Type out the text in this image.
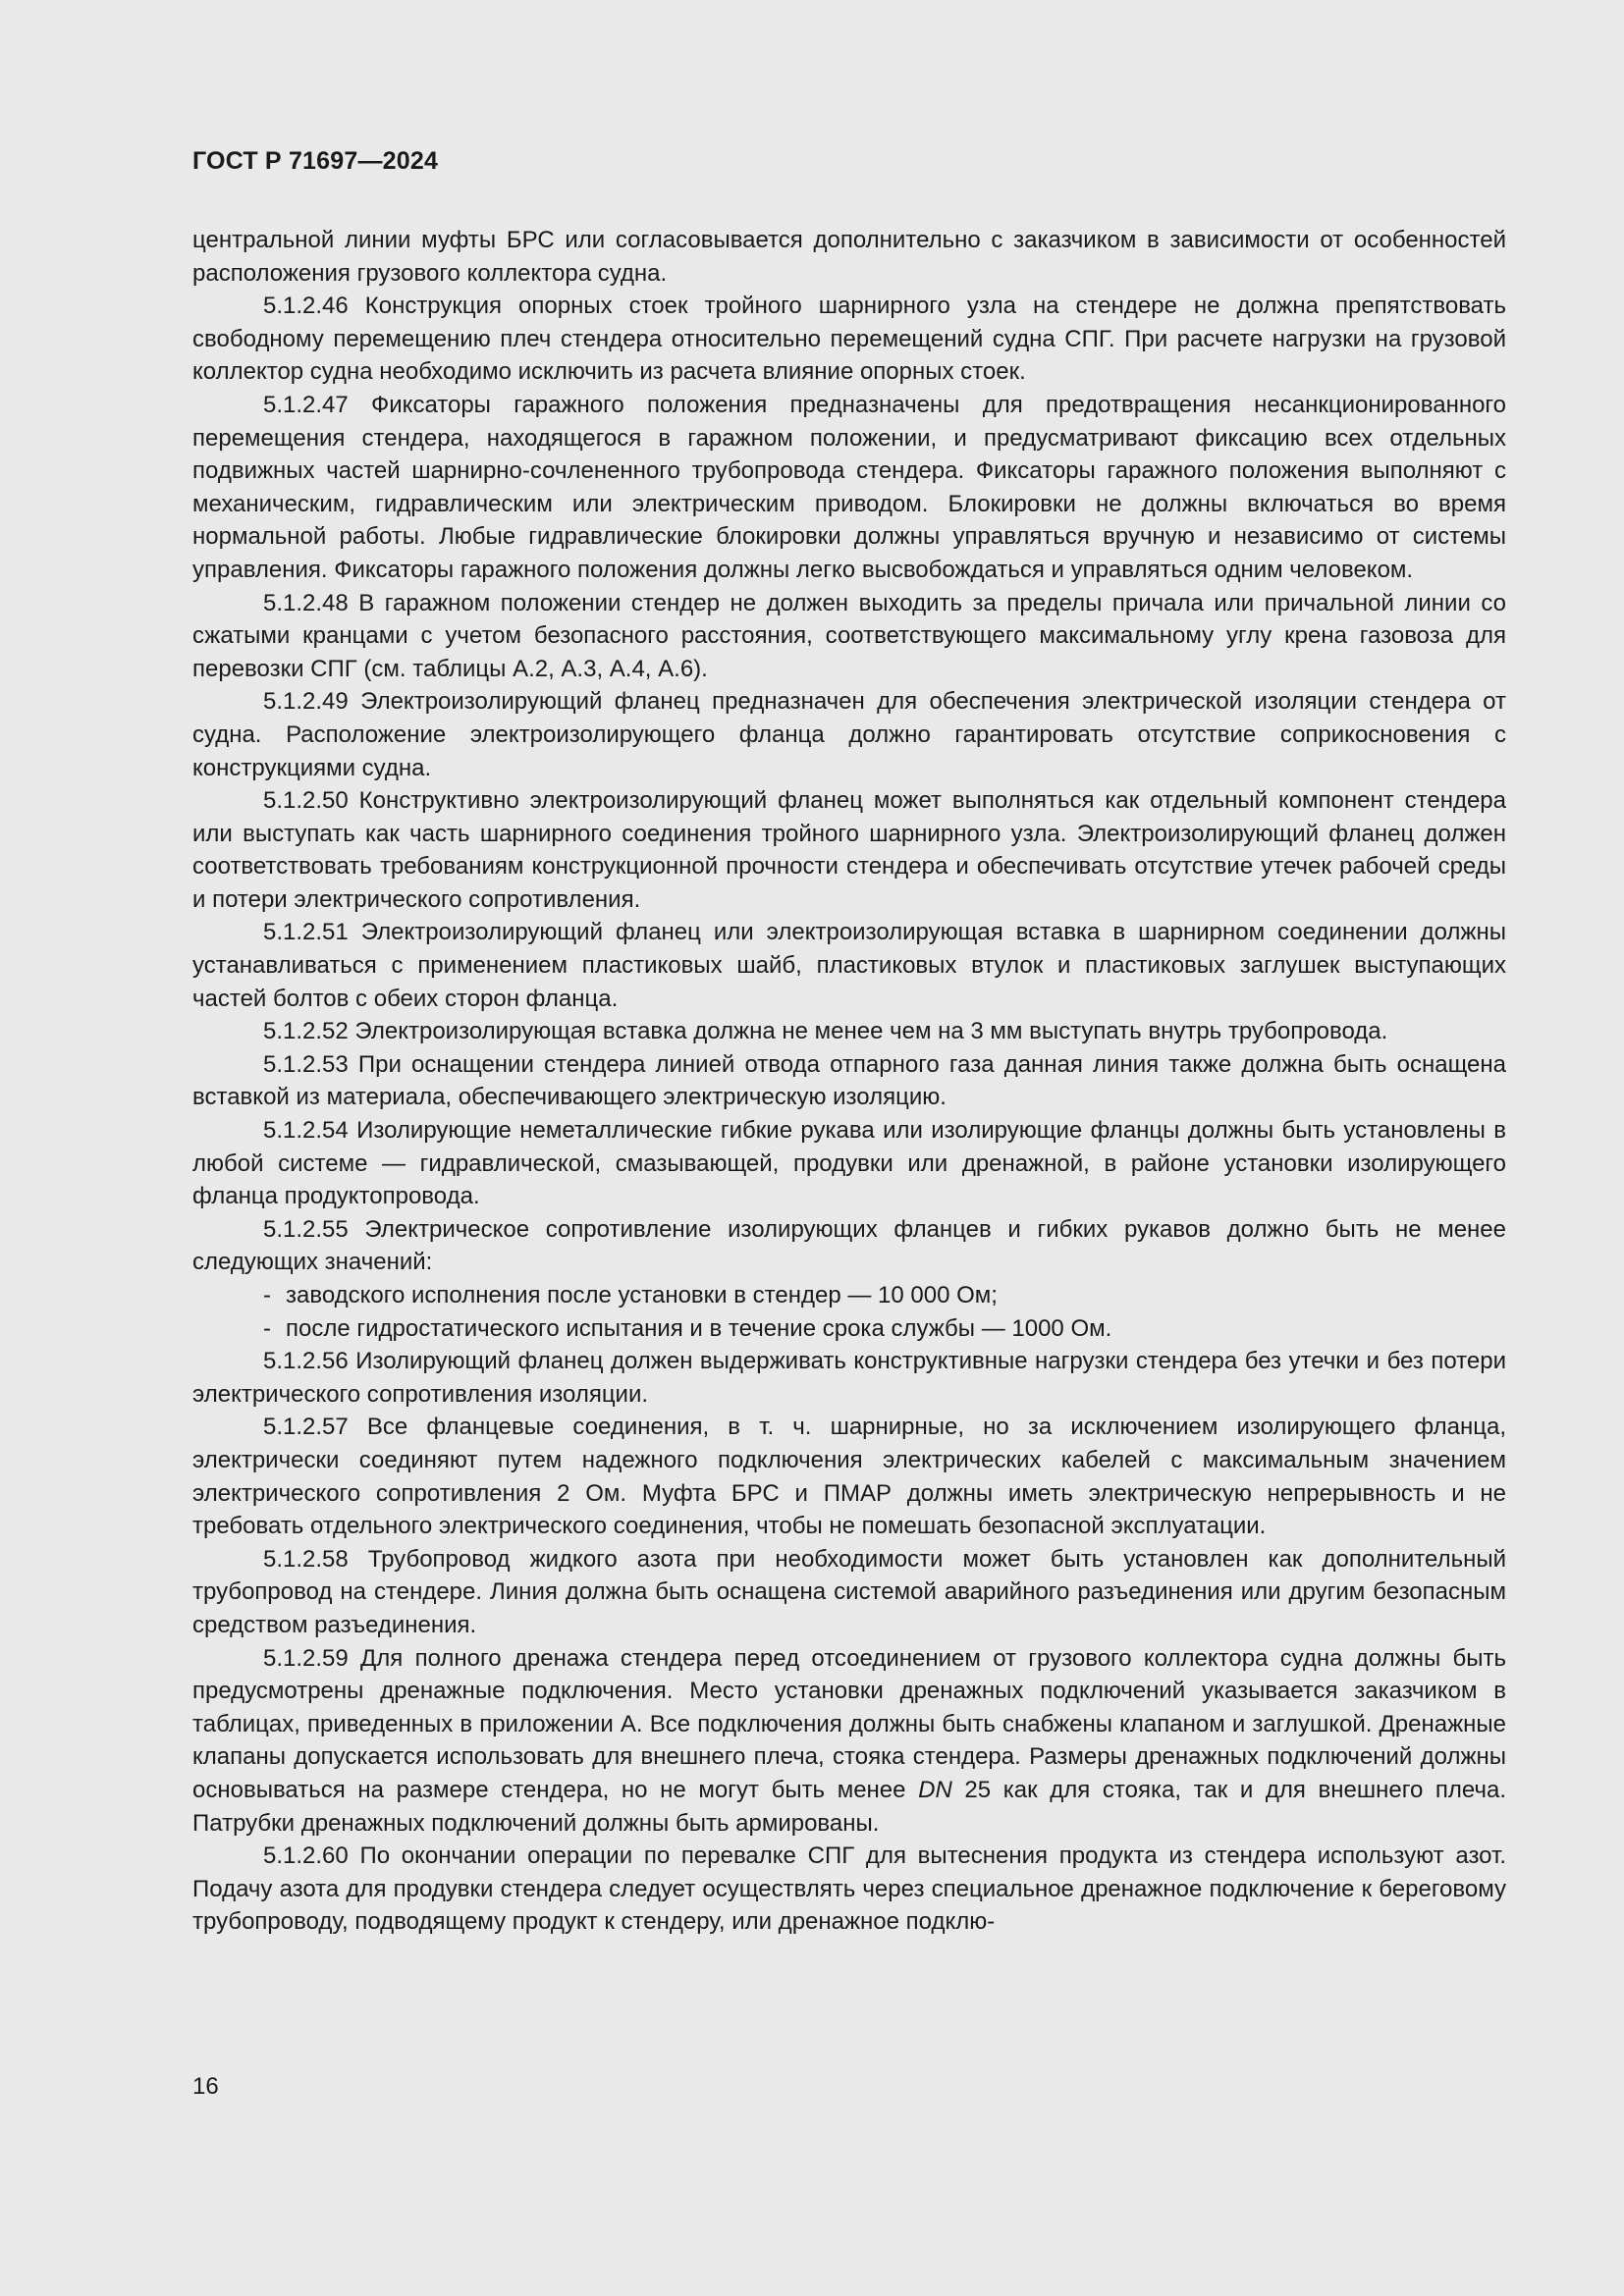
ГОСТ Р 71697—2024

центральной линии муфты БРС или согласовывается дополнительно с заказчиком в зависимости от особенностей расположения грузового коллектора судна.

5.1.2.46 Конструкция опорных стоек тройного шарнирного узла на стендере не должна препятствовать свободному перемещению плеч стендера относительно перемещений судна СПГ. При расчете нагрузки на грузовой коллектор судна необходимо исключить из расчета влияние опорных стоек.

5.1.2.47 Фиксаторы гаражного положения предназначены для предотвращения несанкционированного перемещения стендера, находящегося в гаражном положении, и предусматривают фиксацию всех отдельных подвижных частей шарнирно-сочлененного трубопровода стендера. Фиксаторы гаражного положения выполняют с механическим, гидравлическим или электрическим приводом. Блокировки не должны включаться во время нормальной работы. Любые гидравлические блокировки должны управляться вручную и независимо от системы управления. Фиксаторы гаражного положения должны легко высвобождаться и управляться одним человеком.

5.1.2.48 В гаражном положении стендер не должен выходить за пределы причала или причальной линии со сжатыми кранцами с учетом безопасного расстояния, соответствующего максимальному углу крена газовоза для перевозки СПГ (см. таблицы А.2, А.3, А.4, А.6).

5.1.2.49 Электроизолирующий фланец предназначен для обеспечения электрической изоляции стендера от судна. Расположение электроизолирующего фланца должно гарантировать отсутствие соприкосновения с конструкциями судна.

5.1.2.50 Конструктивно электроизолирующий фланец может выполняться как отдельный компонент стендера или выступать как часть шарнирного соединения тройного шарнирного узла. Электроизолирующий фланец должен соответствовать требованиям конструкционной прочности стендера и обеспечивать отсутствие утечек рабочей среды и потери электрического сопротивления.

5.1.2.51 Электроизолирующий фланец или электроизолирующая вставка в шарнирном соединении должны устанавливаться с применением пластиковых шайб, пластиковых втулок и пластиковых заглушек выступающих частей болтов с обеих сторон фланца.

5.1.2.52 Электроизолирующая вставка должна не менее чем на 3 мм выступать внутрь трубопровода.

5.1.2.53 При оснащении стендера линией отвода отпарного газа данная линия также должна быть оснащена вставкой из материала, обеспечивающего электрическую изоляцию.

5.1.2.54 Изолирующие неметаллические гибкие рукава или изолирующие фланцы должны быть установлены в любой системе — гидравлической, смазывающей, продувки или дренажной, в районе установки изолирующего фланца продуктопровода.

5.1.2.55 Электрическое сопротивление изолирующих фланцев и гибких рукавов должно быть не менее следующих значений:

- заводского исполнения после установки в стендер — 10 000 Ом;
- после гидростатического испытания и в течение срока службы — 1000 Ом.

5.1.2.56 Изолирующий фланец должен выдерживать конструктивные нагрузки стендера без утечки и без потери электрического сопротивления изоляции.

5.1.2.57 Все фланцевые соединения, в т. ч. шарнирные, но за исключением изолирующего фланца, электрически соединяют путем надежного подключения электрических кабелей с максимальным значением электрического сопротивления 2 Ом. Муфта БРС и ПМАР должны иметь электрическую непрерывность и не требовать отдельного электрического соединения, чтобы не помешать безопасной эксплуатации.

5.1.2.58 Трубопровод жидкого азота при необходимости может быть установлен как дополнительный трубопровод на стендере. Линия должна быть оснащена системой аварийного разъединения или другим безопасным средством разъединения.

5.1.2.59 Для полного дренажа стендера перед отсоединением от грузового коллектора судна должны быть предусмотрены дренажные подключения. Место установки дренажных подключений указывается заказчиком в таблицах, приведенных в приложении А. Все подключения должны быть снабжены клапаном и заглушкой. Дренажные клапаны допускается использовать для внешнего плеча, стояка стендера. Размеры дренажных подключений должны основываться на размере стендера, но не могут быть менее DN 25 как для стояка, так и для внешнего плеча. Патрубки дренажных подключений должны быть армированы.

5.1.2.60 По окончании операции по перевалке СПГ для вытеснения продукта из стендера используют азот. Подачу азота для продувки стендера следует осуществлять через специальное дренажное подключение к береговому трубопроводу, подводящему продукт к стендеру, или дренажное подклю-

16
